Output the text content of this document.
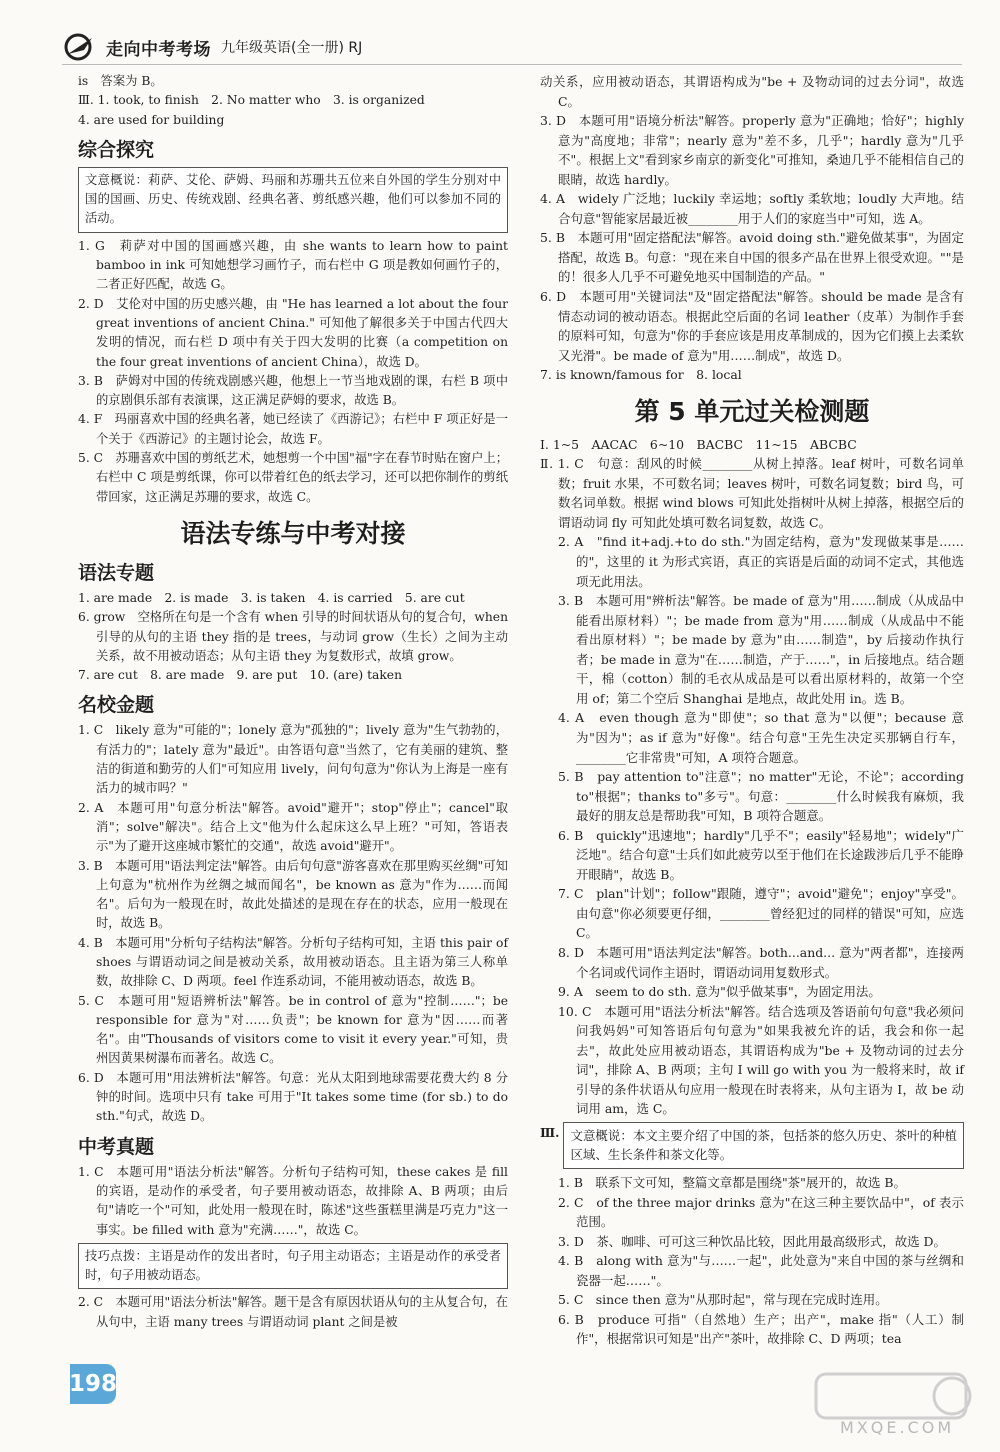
走向中考考场 九年级英语(全一册) RJ

is　答案为 B。

Ⅲ. 1. took, to finish　2. No matter who　3. is organized

4. are used for building

综合探究

文意概说：莉萨、艾伦、萨姆、玛丽和苏珊共五位来自外国的学生分别对中国的国画、历史、传统戏剧、经典名著、剪纸感兴趣，他们可以参加不同的活动。

1. G　莉萨对中国的国画感兴趣，由 she wants to learn how to paint bamboo in ink 可知她想学习画竹子，而右栏中 G 项是教如何画竹子的，二者正好匹配，故选 G。

2. D　艾伦对中国的历史感兴趣，由 "He has learned a lot about the four great inventions of ancient China." 可知他了解很多关于中国古代四大发明的情况，而右栏 D 项中有关于四大发明的比赛（a competition on the four great inventions of ancient China），故选 D。

3. B　萨姆对中国的传统戏剧感兴趣，他想上一节当地戏剧的课，右栏 B 项中的京剧俱乐部有表演课，这正满足萨姆的要求，故选 B。

4. F　玛丽喜欢中国的经典名著，她已经读了《西游记》；右栏中 F 项正好是一个关于《西游记》的主题讨论会，故选 F。

5. C　苏珊喜欢中国的剪纸艺术，她想剪一个中国"福"字在春节时贴在窗户上；右栏中 C 项是剪纸课，你可以带着红色的纸去学习，还可以把你制作的剪纸带回家，这正满足苏珊的要求，故选 C。

语法专练与中考对接
语法专题

1. are made　2. is made　3. is taken　4. is carried　5. are cut

6. grow　空格所在句是一个含有 when 引导的时间状语从句的复合句，when 引导的从句的主语 they 指的是 trees，与动词 grow（生长）之间为主动关系，故不用被动语态；从句主语 they 为复数形式，故填 grow。

7. are cut　8. are made　9. are put　10. (are) taken

名校金题

1. C　likely 意为"可能的"；lonely 意为"孤独的"；lively 意为"生气勃勃的，有活力的"；lately 意为"最近"。由答语句意"当然了，它有美丽的建筑、整洁的街道和勤劳的人们"可知应用 lively，问句句意为"你认为上海是一座有活力的城市吗？"

2. A　本题可用"句意分析法"解答。avoid"避开"；stop"停止"；cancel"取消"；solve"解决"。结合上文"他为什么起床这么早上班？"可知，答语表示"为了避开这座城市繁忙的交通"，故选 avoid"避开"。

3. B　本题可用"语法判定法"解答。由后句句意"游客喜欢在那里购买丝绸"可知上句意为"杭州作为丝绸之城而闻名"，be known as 意为"作为……而闻名"。后句为一般现在时，故此处描述的是现在存在的状态，应用一般现在时，故选 B。

4. B　本题可用"分析句子结构法"解答。分析句子结构可知，主语 this pair of shoes 与谓语动词之间是被动关系，故用被动语态。且主语为第三人称单数，故排除 C、D 两项。feel 作连系动词，不能用被动语态，故选 B。

5. C　本题可用"短语辨析法"解答。be in control of 意为"控制……"；be responsible for 意为"对……负责"；be known for 意为"因……而著名"。由"Thousands of visitors come to visit it every year."可知，贵州因黄果树瀑布而著名。故选 C。

6. D　本题可用"用法辨析法"解答。句意：光从太阳到地球需要花费大约 8 分钟的时间。选项中只有 take 可用于"It takes some time (for sb.) to do sth."句式，故选 D。

中考真题

1. C　本题可用"语法分析法"解答。分析句子结构可知，these cakes 是 fill 的宾语，是动作的承受者，句子要用被动语态，故排除 A、B 两项；由后句"请吃一个"可知，此处用一般现在时，陈述"这些蛋糕里满是巧克力"这一事实。be filled with 意为"充满……"，故选 C。

技巧点拨：主语是动作的发出者时，句子用主动语态；主语是动作的承受者时，句子用被动语态。

2. C　本题可用"语法分析法"解答。题干是含有原因状语从句的主从复合句，在从句中，主语 many trees 与谓语动词 plant 之间是被

动关系，应用被动语态，其谓语构成为"be + 及物动词的过去分词"，故选 C。

3. D　本题可用"语境分析法"解答。properly 意为"正确地；恰好"；highly 意为"高度地；非常"；nearly 意为"差不多，几乎"；hardly 意为"几乎不"。根据上文"看到家乡南京的新变化"可推知，桑迪几乎不能相信自己的眼睛，故选 hardly。

4. A　widely 广泛地；luckily 幸运地；softly 柔软地；loudly 大声地。结合句意"智能家居最近被________用于人们的家庭当中"可知，选 A。

5. B　本题可用"固定搭配法"解答。avoid doing sth."避免做某事"，为固定搭配，故选 B。句意："现在来自中国的很多产品在世界上很受欢迎。""是的！很多人几乎不可避免地买中国制造的产品。"

6. D　本题可用"关键词法"及"固定搭配法"解答。should be made 是含有情态动词的被动语态。根据此空后面的名词 leather（皮革）为制作手套的原料可知，句意为"你的手套应该是用皮革制成的，因为它们摸上去柔软又光滑"。be made of 意为"用……制成"，故选 D。

7. is known/famous for　8. local

第 5 单元过关检测题

Ⅰ. 1~5　AACAC　6~10　BACBC　11~15　ABCBC

Ⅱ. 1. C　句意：刮风的时候________从树上掉落。leaf 树叶，可数名词单数；fruit 水果，不可数名词；leaves 树叶，可数名词复数；bird 鸟，可数名词单数。根据 wind blows 可知此处指树叶从树上掉落，根据空后的谓语动词 fly 可知此处填可数名词复数，故选 C。

2. A　"find it+adj.+to do sth."为固定结构，意为"发现做某事是……的"，这里的 it 为形式宾语，真正的宾语是后面的动词不定式，其他选项无此用法。

3. B　本题可用"辨析法"解答。be made of 意为"用……制成（从成品中能看出原材料）"；be made from 意为"用……制成（从成品中不能看出原材料）"；be made by 意为"由……制造"，by 后接动作执行者；be made in 意为"在……制造，产于……"，in 后接地点。结合题干，棉（cotton）制的毛衣从成品是可以看出原材料的，故第一个空用 of；第二个空后 Shanghai 是地点，故此处用 in。选 B。

4. A　even though 意为"即使"；so that 意为"以便"；because 意为"因为"；as if 意为"好像"。结合句意"王先生决定买那辆自行车，________它非常贵"可知，A 项符合题意。

5. B　pay attention to"注意"；no matter"无论，不论"；according to"根据"；thanks to"多亏"。句意：________什么时候我有麻烦，我最好的朋友总是帮助我"可知，B 项符合题意。

6. B　quickly"迅速地"；hardly"几乎不"；easily"轻易地"；widely"广泛地"。结合句意"士兵们如此疲劳以至于他们在长途跋涉后几乎不能睁开眼睛"，故选 B。

7. C　plan"计划"；follow"跟随，遵守"；avoid"避免"；enjoy"享受"。由句意"你必须要更仔细，________曾经犯过的同样的错误"可知，应选 C。

8. D　本题可用"语法判定法"解答。both...and... 意为"两者都"，连接两个名词或代词作主语时，谓语动词用复数形式。

9. A　seem to do sth. 意为"似乎做某事"，为固定用法。

10. C　本题可用"语法分析法"解答。结合选项及答语前句句意"我必须问问我妈妈"可知答语后句句意为"如果我被允许的话，我会和你一起去"，故此处应用被动语态，其谓语构成为"be + 及物动词的过去分词"，排除 A、B 两项；主句 I will go with you 为一般将来时，故 if 引导的条件状语从句应用一般现在时表将来，从句主语为 I，故 be 动词用 am，选 C。

Ⅲ. 文意概说：本文主要介绍了中国的茶，包括茶的悠久历史、茶叶的种植区域、生长条件和茶文化等。

1. B　联系下文可知，整篇文章都是围绕"茶"展开的，故选 B。

2. C　of the three major drinks 意为"在这三种主要饮品中"，of 表示范围。

3. D　茶、咖啡、可可这三种饮品比较，因此用最高级形式，故选 D。

4. B　along with 意为"与……一起"，此处意为"来自中国的茶与丝绸和瓷器一起……"。

5. C　since then 意为"从那时起"，常与现在完成时连用。

6. B　produce 可指"（自然地）生产；出产"，make 指"（人工）制作"，根据常识可知是"出产"茶叶，故排除 C、D 两项；tea

198
MXQE.COM
